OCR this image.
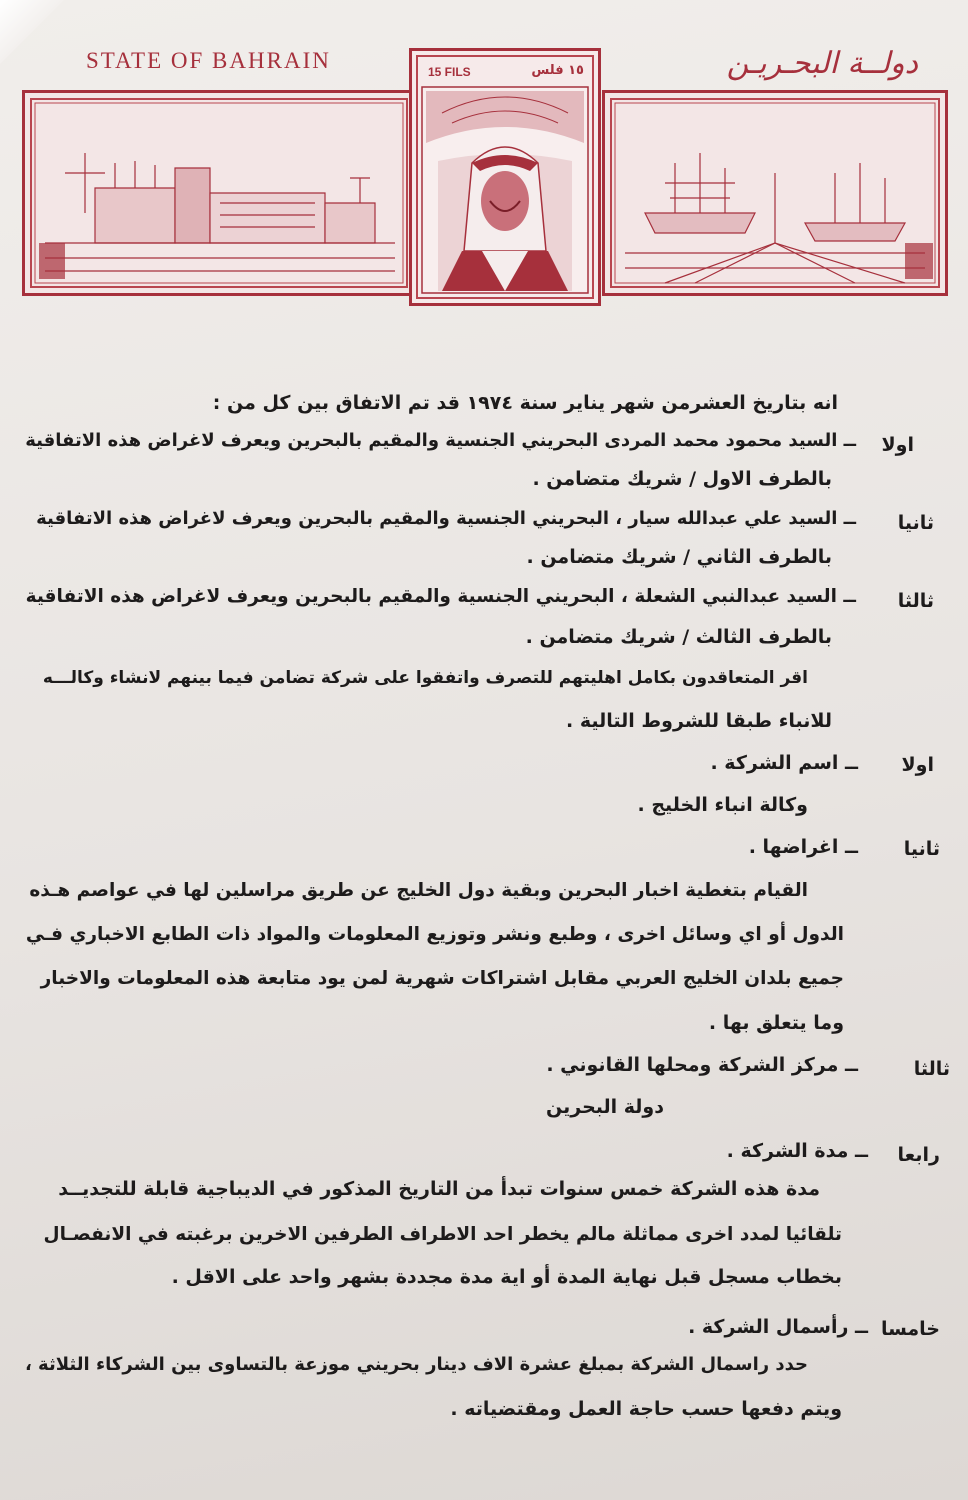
STATE OF BAHRAIN	دولــة البحـريـن
15 FILS	١٥ فلس
انه بتاريخ العشرمن شهر يناير سنة ١٩٧٤ قد تم الاتفاق بين كل من :
اولا
ــ السيد محمود محمد المردى البحريني الجنسية والمقيم بالبحرين ويعرف لاغراض هذه الاتفاقية
بالطرف الاول / شريك متضامن .
ثانيا
ــ السيد علي عبدالله سيار ، البحريني الجنسية والمقيم بالبحرين ويعرف لاغراض هذه الاتفاقية
بالطرف الثاني / شريك متضامن .
ثالثا
ــ السيد عبدالنبي الشعلة ، البحريني الجنسية والمقيم بالبحرين ويعرف لاغراض هذه الاتفاقية
بالطرف الثالث / شريك متضامن .
اقر المتعاقدون بكامل اهليتهم للتصرف واتفقوا على شركة تضامن فيما بينهم لانشاء وكالـــه
للانباء طبقا للشروط التالية .
اولا
ــ اسم الشركة .
وكالة انباء الخليج .
ثانيا
ــ اغراضها .
القيام بتغطية اخبار البحرين وبقية دول الخليج عن طريق مراسلين لها في عواصم هـذه
الدول أو اي وسائل اخرى ، وطبع ونشر وتوزيع المعلومات والمواد ذات الطابع الاخباري فـي
جميع بلدان الخليج العربي مقابل اشتراكات شهرية لمن يود متابعة هذه المعلومات والاخبار
وما يتعلق بها .
ثالثا
ــ مركز الشركة ومحلها القانوني .
دولة البحرين
رابعا
ــ مدة الشركة .
مدة هذه الشركة خمس سنوات تبدأ من التاريخ المذكور في الديباجية قابلة للتجديــد
تلقائيا لمدد اخرى مماثلة مالم يخطر احد الاطراف الطرفين الاخرين برغبته في الانفصـال
بخطاب مسجل قبل نهاية المدة أو اية مدة مجددة بشهر واحد على الاقل .
خامسا
ــ رأسمال الشركة .
حدد راسمال الشركة بمبلغ عشرة الاف دينار بحريني موزعة بالتساوى بين الشركاء الثلاثة ،
ويتم دفعها حسب حاجة العمل ومقتضياته .
